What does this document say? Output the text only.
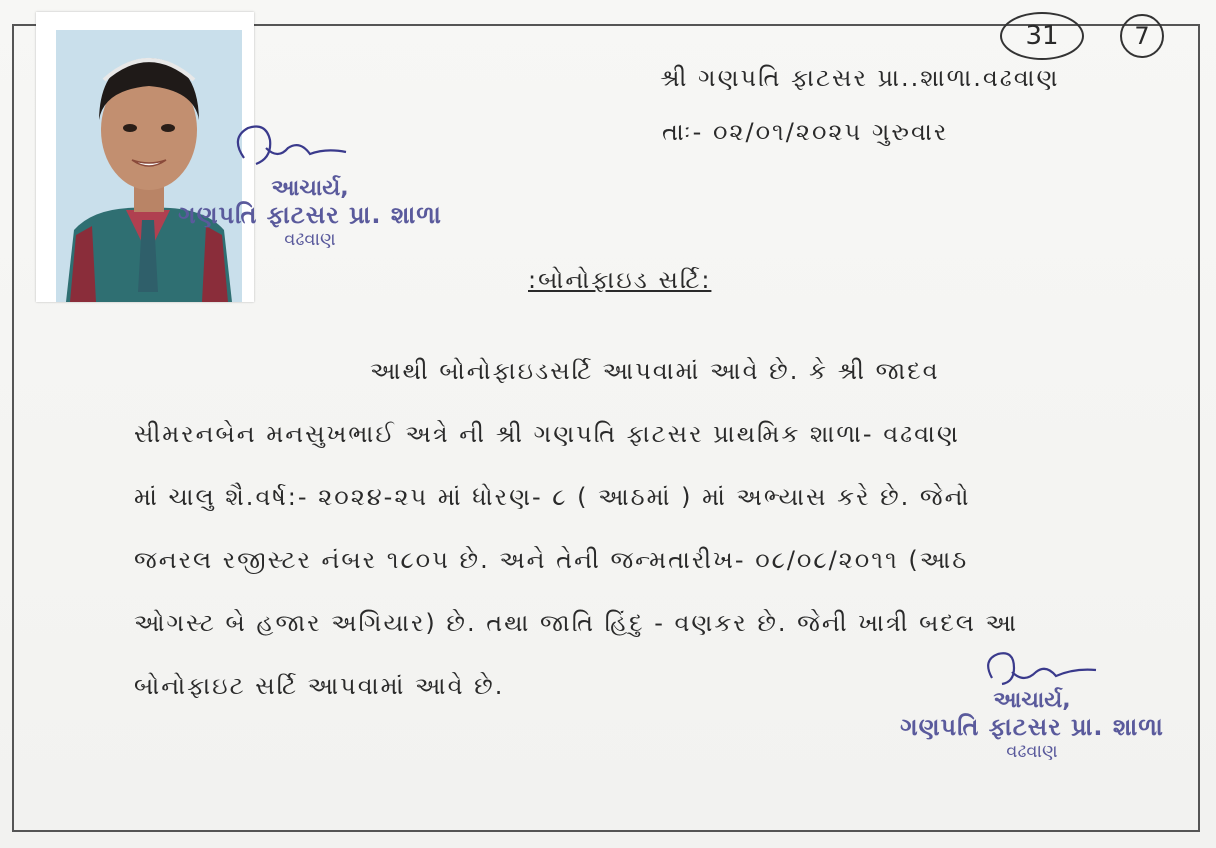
31	7
આચાર્ય,
ગણપતિ ફાટસર પ્રા. શાળા
વઢવાણ
શ્રી ગણપતિ ફાટસર પ્રા..શાળા.વઢવાણ
તાઃ- ૦૨/૦૧/૨૦૨૫ ગુરુવાર
:બોનોફાઇડ સર્ટિ:
આથી બોનોફાઇડસર્ટિ આપવામાં આવે છે. કે શ્રી જાદવ
સીમરનબેન મનસુખભાઈ અત્રે ની શ્રી ગણપતિ ફાટસર પ્રાથમિક શાળા- વઢવાણ
માં ચાલુ શૈ.વર્ષ:- ૨૦૨૪-૨૫ માં ધોરણ- ૮ ( આઠમાં ) માં અભ્યાસ કરે છે. જેનો
જનરલ રજીસ્ટર નંબર ૧૮૦૫ છે. અને તેની જન્મતારીખ- ૦૮/૦૮/૨૦૧૧ (આઠ
ઓગસ્ટ બે હજાર અગિયાર) છે. તથા જાતિ હિંદુ - વણકર છે. જેની ખાત્રી બદલ આ
બોનોફાઇટ સર્ટિ આપવામાં આવે છે.
આચાર્ય,
ગણપતિ ફાટસર પ્રા. શાળા
વઢવાણ
